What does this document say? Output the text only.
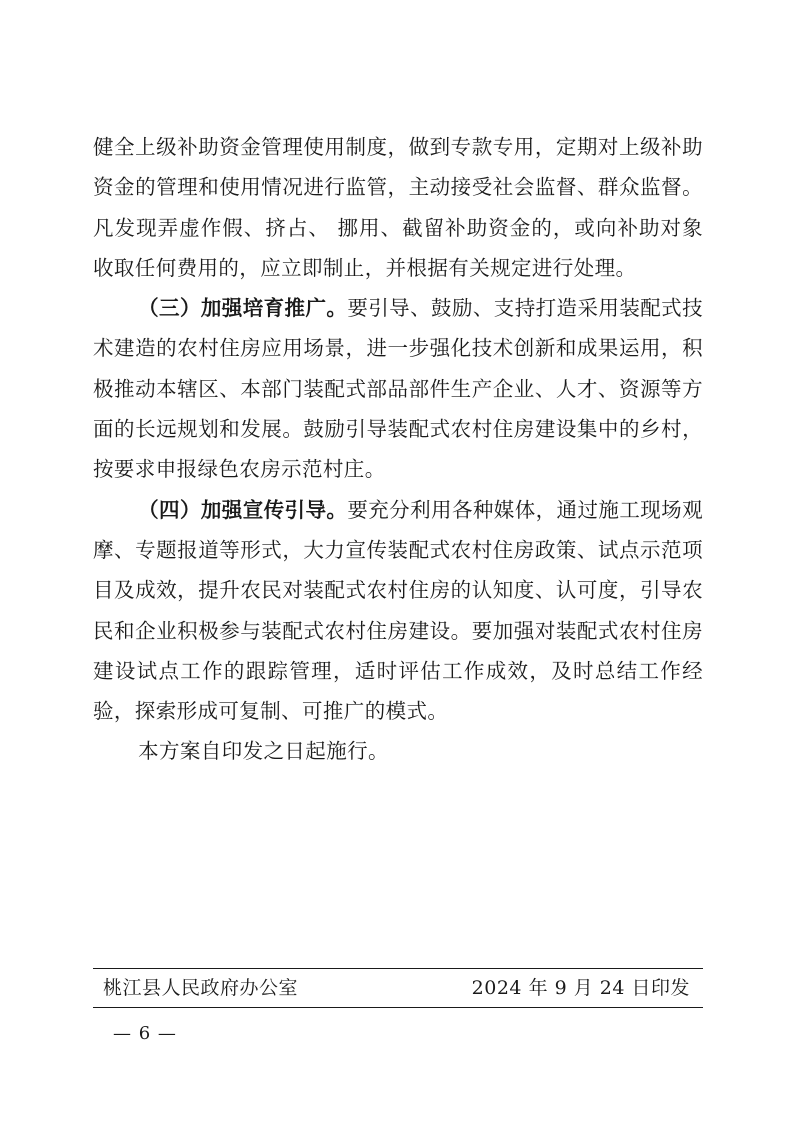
健全上级补助资金管理使用制度，做到专款专用，定期对上级补助资金的管理和使用情况进行监管，主动接受社会监督、群众监督。凡发现弄虚作假、挤占、 挪用、截留补助资金的，或向补助对象收取任何费用的，应立即制止，并根据有关规定进行处理。

（三）加强培育推广。要引导、鼓励、支持打造采用装配式技术建造的农村住房应用场景，进一步强化技术创新和成果运用，积极推动本辖区、本部门装配式部品部件生产企业、人才、资源等方面的长远规划和发展。鼓励引导装配式农村住房建设集中的乡村，按要求申报绿色农房示范村庄。

（四）加强宣传引导。要充分利用各种媒体，通过施工现场观摩、专题报道等形式，大力宣传装配式农村住房政策、试点示范项目及成效，提升农民对装配式农村住房的认知度、认可度，引导农民和企业积极参与装配式农村住房建设。要加强对装配式农村住房建设试点工作的跟踪管理，适时评估工作成效，及时总结工作经验，探索形成可复制、可推广的模式。

本方案自印发之日起施行。

桃江县人民政府办公室	2024 年 9 月 24 日印发
— 6 —
